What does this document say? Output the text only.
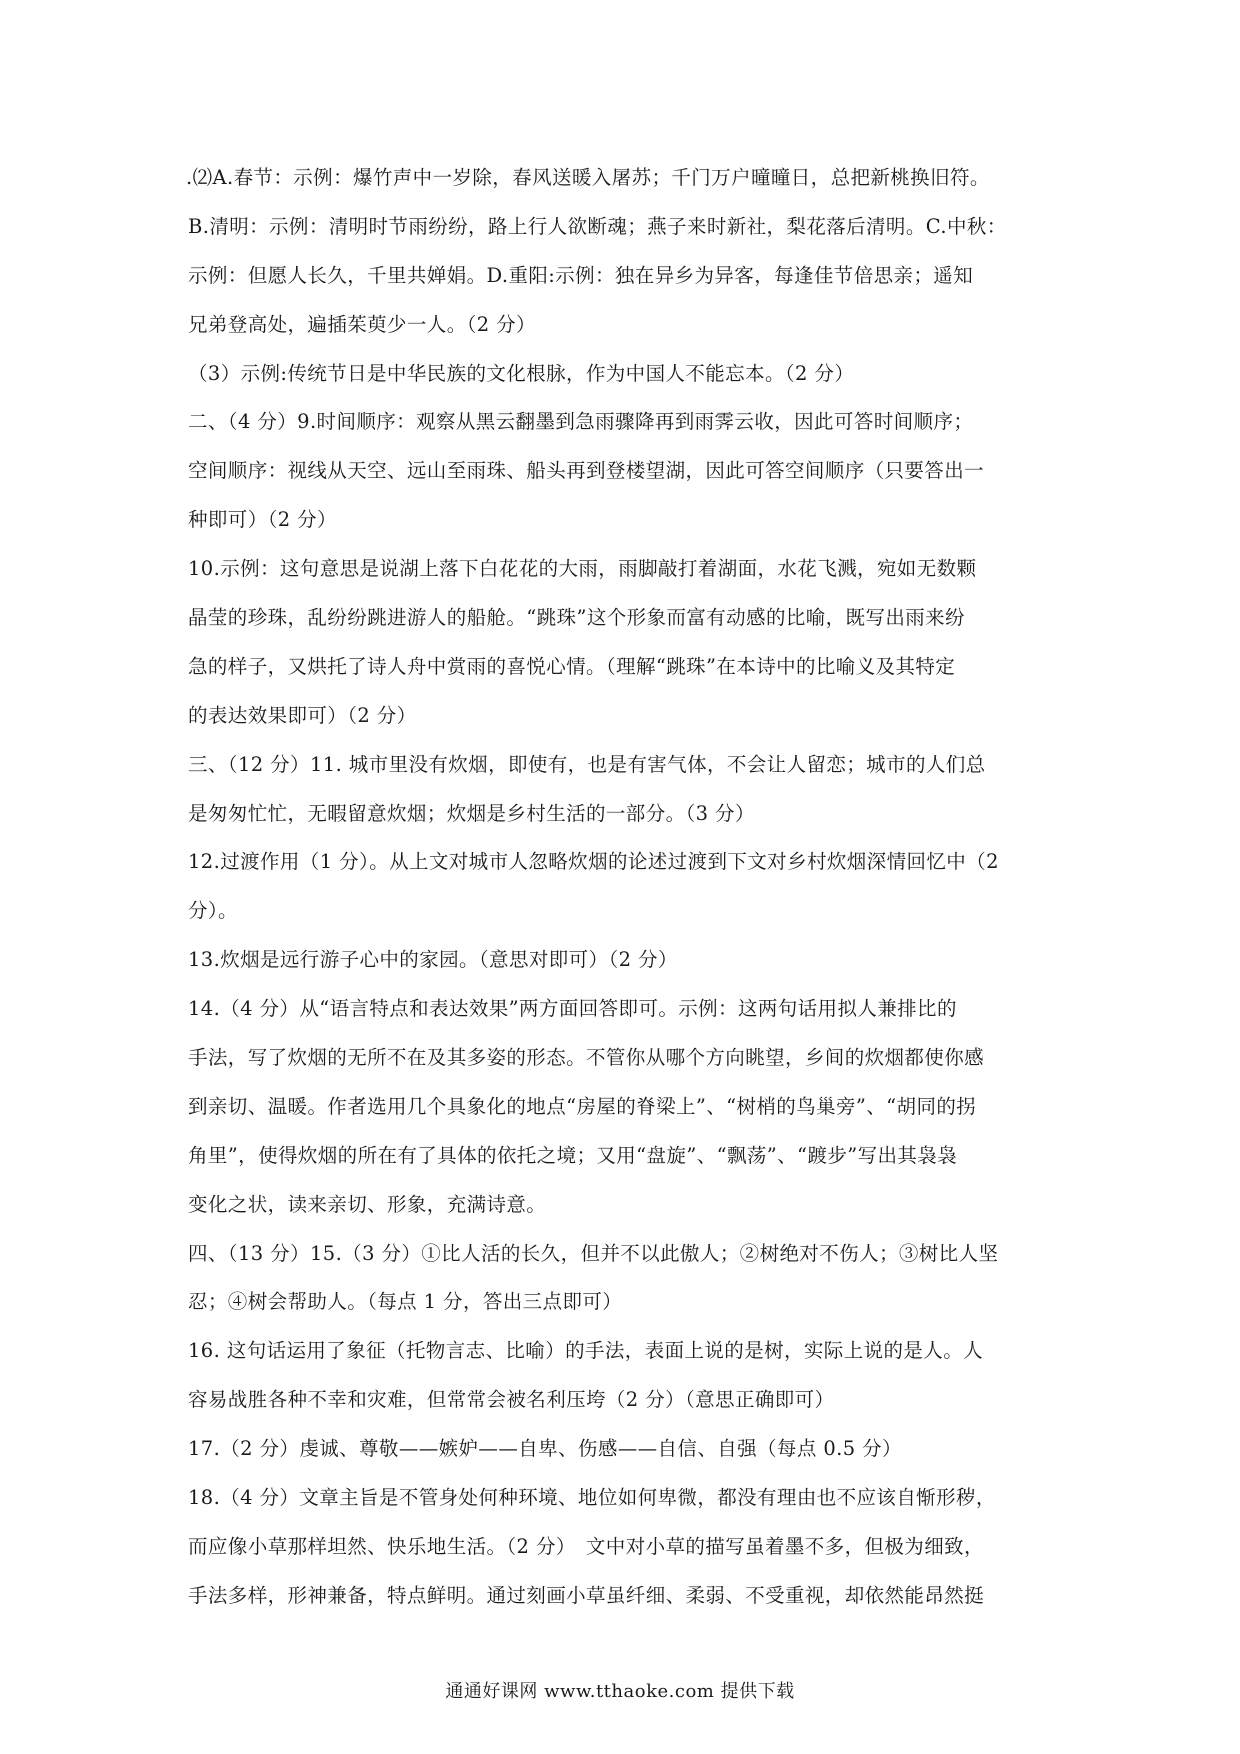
.⑵A.春节：示例：爆竹声中一岁除，春风送暖入屠苏；千门万户曈曈日，总把新桃换旧符。
B.清明：示例：清明时节雨纷纷，路上行人欲断魂；燕子来时新社，梨花落后清明。C.中秋：
示例：但愿人长久，千里共婵娟。D.重阳:示例：独在异乡为异客，每逢佳节倍思亲；遥知
兄弟登高处，遍插茱萸少一人。（2 分）
（3）示例:传统节日是中华民族的文化根脉，作为中国人不能忘本。（2 分）
二、（4 分）9.时间顺序：观察从黑云翻墨到急雨骤降再到雨霁云收，因此可答时间顺序；
空间顺序：视线从天空、远山至雨珠、船头再到登楼望湖，因此可答空间顺序（只要答出一
种即可）（2 分）
10.示例：这句意思是说湖上落下白花花的大雨，雨脚敲打着湖面，水花飞溅，宛如无数颗
晶莹的珍珠，乱纷纷跳进游人的船舱。“跳珠”这个形象而富有动感的比喻，既写出雨来纷
急的样子，又烘托了诗人舟中赏雨的喜悦心情。（理解“跳珠”在本诗中的比喻义及其特定
的表达效果即可）（2 分）
三、（12 分）11. 城市里没有炊烟，即使有，也是有害气体，不会让人留恋；城市的人们总
是匆匆忙忙，无暇留意炊烟；炊烟是乡村生活的一部分。（3 分）
12.过渡作用（1 分）。从上文对城市人忽略炊烟的论述过渡到下文对乡村炊烟深情回忆中（2
分）。
13.炊烟是远行游子心中的家园。（意思对即可）（2 分）
14.（4 分）从“语言特点和表达效果”两方面回答即可。示例：这两句话用拟人兼排比的
手法，写了炊烟的无所不在及其多姿的形态。不管你从哪个方向眺望，乡间的炊烟都使你感
到亲切、温暖。作者选用几个具象化的地点“房屋的脊梁上”、“树梢的鸟巢旁”、“胡同的拐
角里”，使得炊烟的所在有了具体的依托之境；又用“盘旋”、“飘荡”、“踱步”写出其袅袅
变化之状，读来亲切、形象，充满诗意。
四、（13 分）15.（3 分）①比人活的长久，但并不以此傲人；②树绝对不伤人；③树比人坚
忍；④树会帮助人。（每点 1 分，答出三点即可）
16. 这句话运用了象征（托物言志、比喻）的手法，表面上说的是树，实际上说的是人。人
容易战胜各种不幸和灾难，但常常会被名利压垮（2 分）（意思正确即可）
17.（2 分）虔诚、尊敬——嫉妒——自卑、伤感——自信、自强（每点 0.5 分）
18.（4 分）文章主旨是不管身处何种环境、地位如何卑微，都没有理由也不应该自惭形秽，
而应像小草那样坦然、快乐地生活。（2 分）　文中对小草的描写虽着墨不多，但极为细致，
手法多样，形神兼备，特点鲜明。通过刻画小草虽纤细、柔弱、不受重视，却依然能昂然挺
通通好课网 www.tthaoke.com 提供下载
